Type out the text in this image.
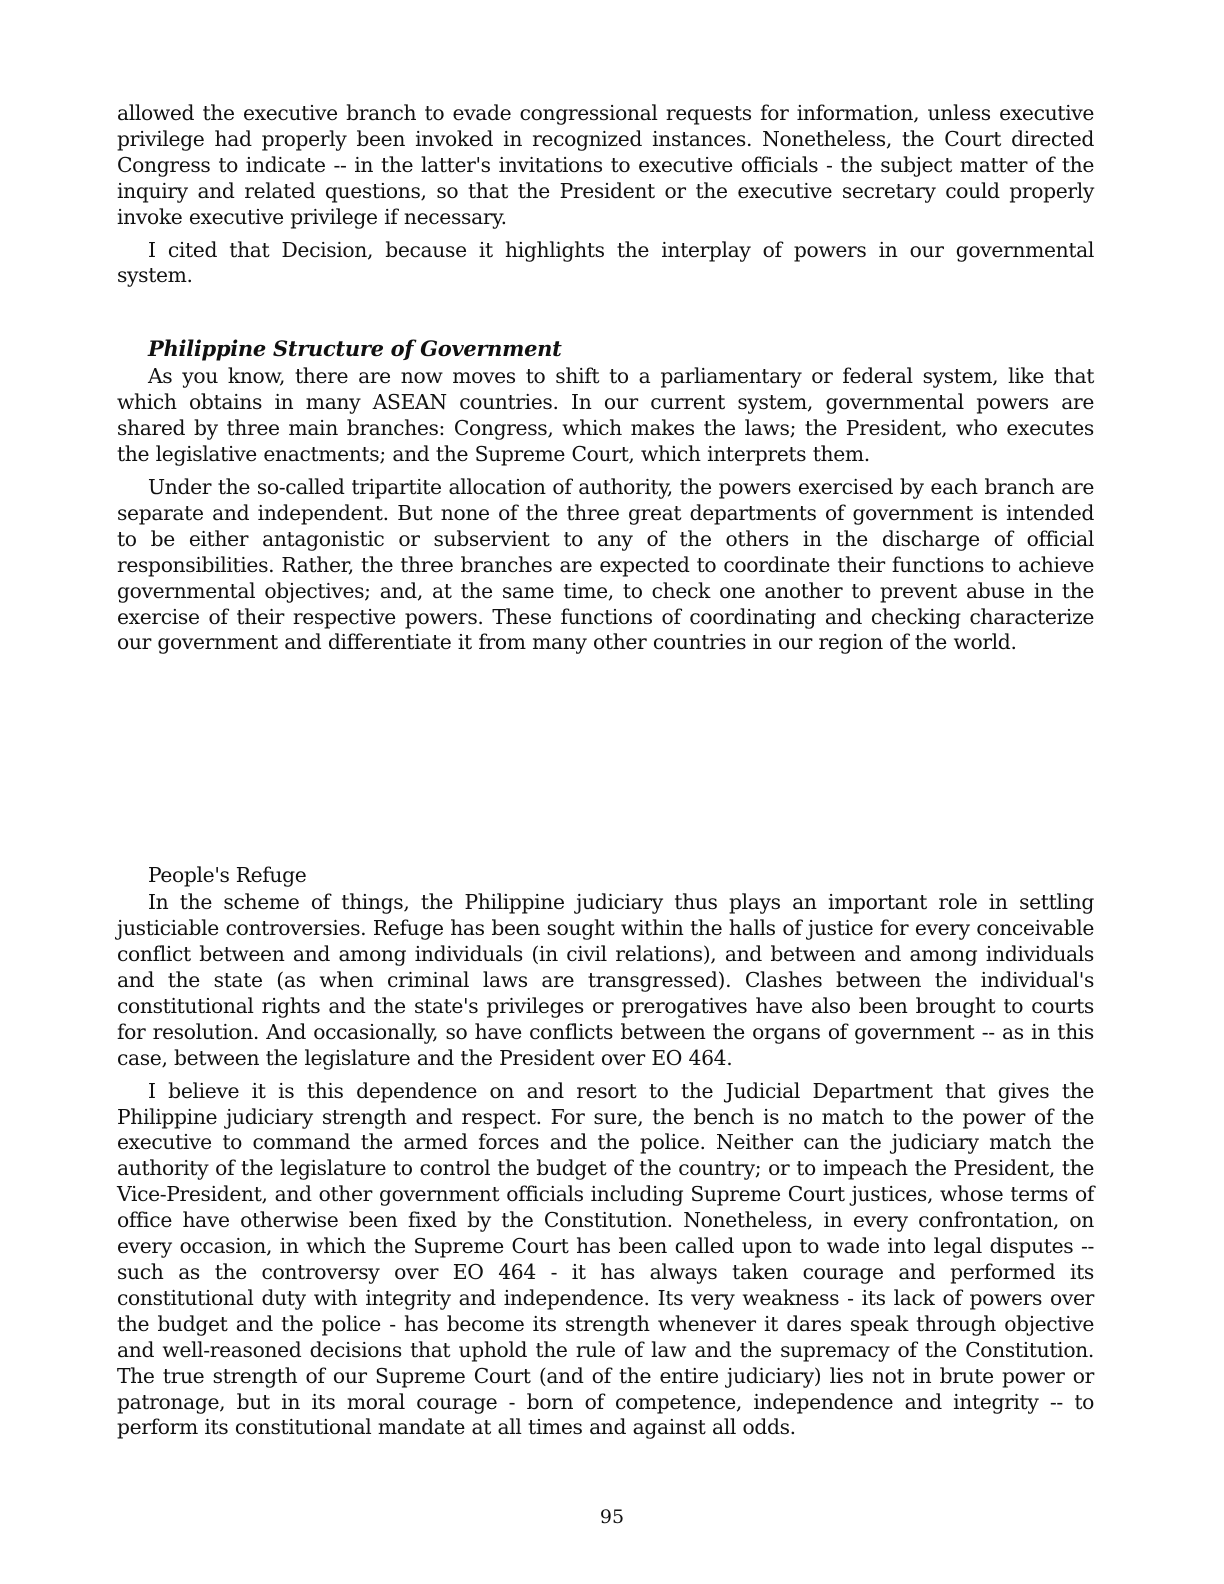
allowed the executive branch to evade congressional requests for information, unless executive privilege had properly been invoked in recognized instances. Nonetheless, the Court directed Congress to indicate -- in the latter's invitations to executive officials - the subject matter of the inquiry and related questions, so that the President or the executive secretary could properly invoke executive privilege if necessary.

I cited that Decision, because it highlights the interplay of powers in our governmental system.

Philippine Structure of Government

As you know, there are now moves to shift to a parliamentary or federal system, like that which obtains in many ASEAN countries. In our current system, governmental powers are shared by three main branches: Congress, which makes the laws; the President, who executes the legislative enactments; and the Supreme Court, which interprets them.

Under the so-called tripartite allocation of authority, the powers exercised by each branch are separate and independent. But none of the three great departments of government is intended to be either antagonistic or subservient to any of the others in the discharge of official responsibilities. Rather, the three branches are expected to coordinate their functions to achieve governmental objectives; and, at the same time, to check one another to prevent abuse in the exercise of their respective powers. These functions of coordinating and checking characterize our government and differentiate it from many other countries in our region of the world.

People's Refuge

In the scheme of things, the Philippine judiciary thus plays an important role in settling justiciable controversies. Refuge has been sought within the halls of justice for every conceivable conflict between and among individuals (in civil relations), and between and among individuals and the state (as when criminal laws are transgressed). Clashes between the individual's constitutional rights and the state's privileges or prerogatives have also been brought to courts for resolution. And occasionally, so have conflicts between the organs of government -- as in this case, between the legislature and the President over EO 464.

I believe it is this dependence on and resort to the Judicial Department that gives the Philippine judiciary strength and respect. For sure, the bench is no match to the power of the executive to command the armed forces and the police. Neither can the judiciary match the authority of the legislature to control the budget of the country; or to impeach the President, the Vice-President, and other government officials including Supreme Court justices, whose terms of office have otherwise been fixed by the Constitution. Nonetheless, in every confrontation, on every occasion, in which the Supreme Court has been called upon to wade into legal disputes -- such as the controversy over EO 464 - it has always taken courage and performed its constitutional duty with integrity and independence. Its very weakness - its lack of powers over the budget and the police - has become its strength whenever it dares speak through objective and well-reasoned decisions that uphold the rule of law and the supremacy of the Constitution. The true strength of our Supreme Court (and of the entire judiciary) lies not in brute power or patronage, but in its moral courage - born of competence, independence and integrity -- to perform its constitutional mandate at all times and against all odds.

95
